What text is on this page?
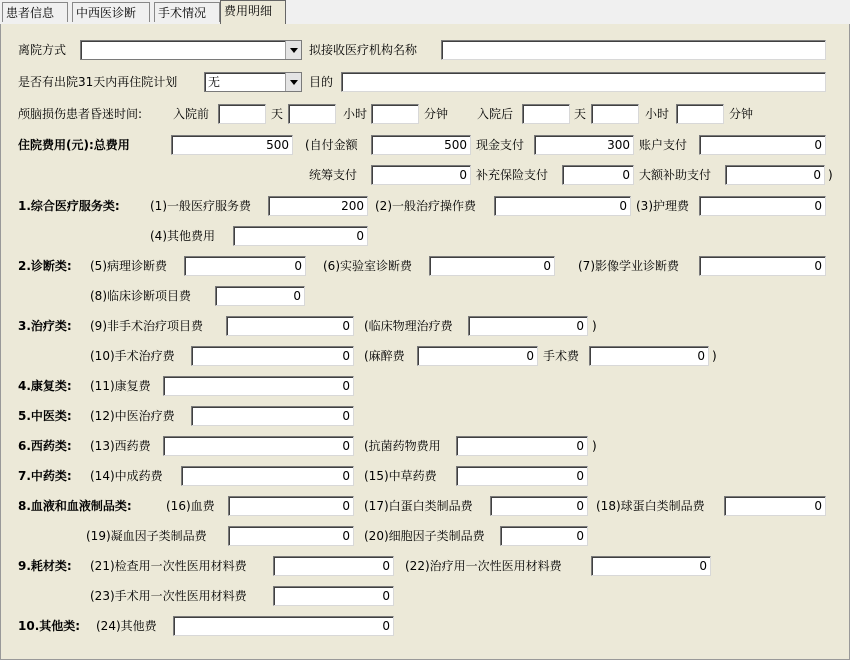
患者信息	中西医诊断	手术情况	费用明细
离院方式	拟接收医疗机构名称
是否有出院31天内再住院计划	无	目的
颅脑损伤患者昏迷时间:	入院前	天	小时	分钟 入院后	天	小时	分钟
住院费用(元):总费用	500	(自付金额	500 现金支付	300 账户支付	0
统筹支付	0 补充保险支付	0 大额补助支付	0 )
1.综合医疗服务类:	(1)一般医疗服务费	200 (2)一般治疗操作费	0 (3)护理费	0
(4)其他费用	0
2.诊断类: (5)病理诊断费	0	(6)实验室诊断费	0	(7)影像学业诊断费	0
(8)临床诊断项目费	0
3.治疗类: (9)非手术治疗项目费	0	(临床物理治疗费	0 )
(10)手术治疗费	0	(麻醉费	0 手术费	0 )
4.康复类: (11)康复费	0
5.中医类: (12)中医治疗费	0
6.西药类: (13)西药费	0	(抗菌药物费用	0 )
7.中药类: (14)中成药费	0	(15)中草药费	0
8.血液和血液制品类:	(16)血费	0	(17)白蛋白类制品费	0	(18)球蛋白类制品费	0
(19)凝血因子类制品费	0	(20)细胞因子类制品费	0
9.耗材类: (21)检查用一次性医用材料费	0	(22)治疗用一次性医用材料费	0
(23)手术用一次性医用材料费	0
10.其他类: (24)其他费	0
